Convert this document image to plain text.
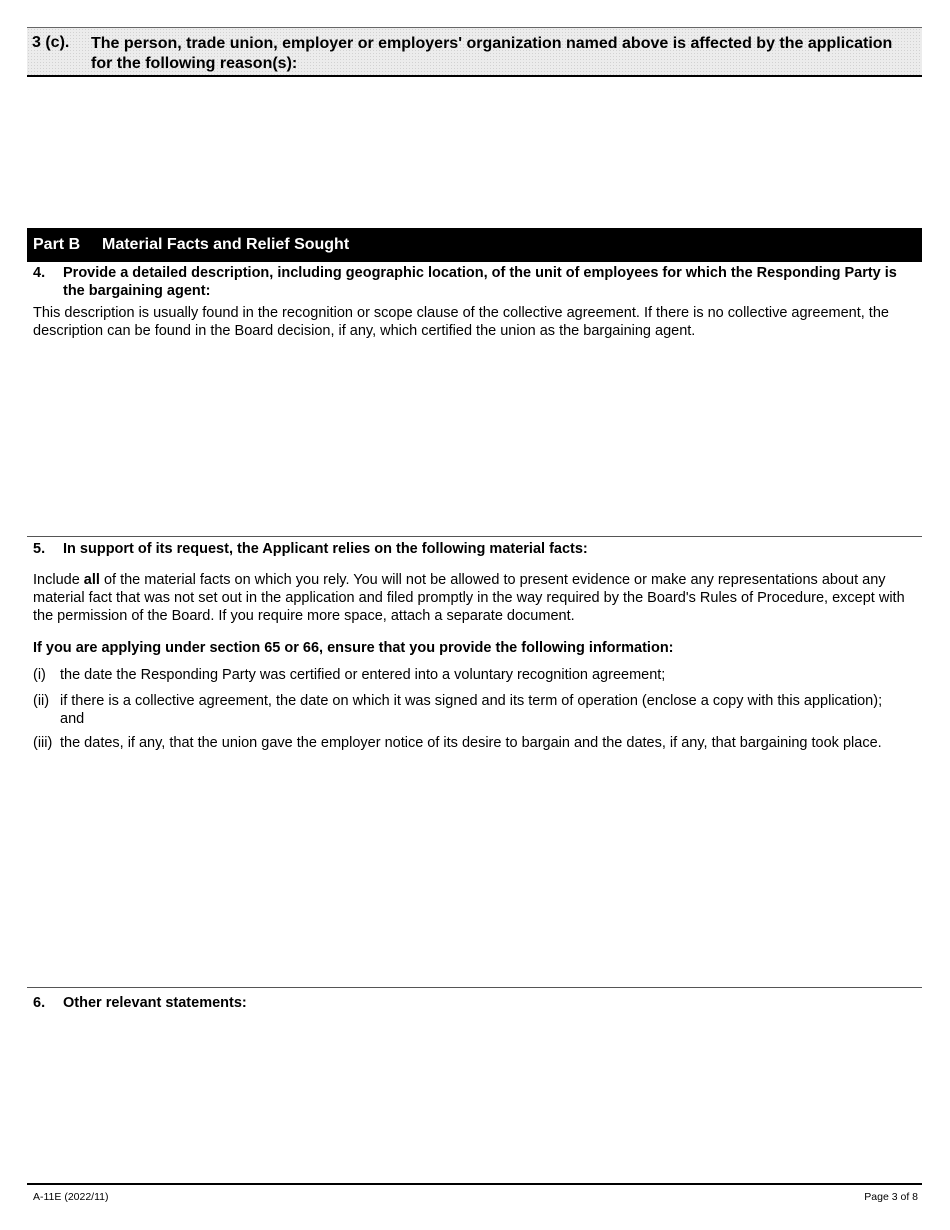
3 (c). The person, trade union, employer or employers' organization named above is affected by the application for the following reason(s):
Part B Material Facts and Relief Sought
4. Provide a detailed description, including geographic location, of the unit of employees for which the Responding Party is the bargaining agent:
This description is usually found in the recognition or scope clause of the collective agreement. If there is no collective agreement, the description can be found in the Board decision, if any, which certified the union as the bargaining agent.
5. In support of its request, the Applicant relies on the following material facts:
Include all of the material facts on which you rely. You will not be allowed to present evidence or make any representations about any material fact that was not set out in the application and filed promptly in the way required by the Board's Rules of Procedure, except with the permission of the Board. If you require more space, attach a separate document.
If you are applying under section 65 or 66, ensure that you provide the following information:
(i) the date the Responding Party was certified or entered into a voluntary recognition agreement;
(ii) if there is a collective agreement, the date on which it was signed and its term of operation (enclose a copy with this application); and
(iii) the dates, if any, that the union gave the employer notice of its desire to bargain and the dates, if any, that bargaining took place.
6. Other relevant statements:
A-11E (2022/11)	Page 3 of 8
